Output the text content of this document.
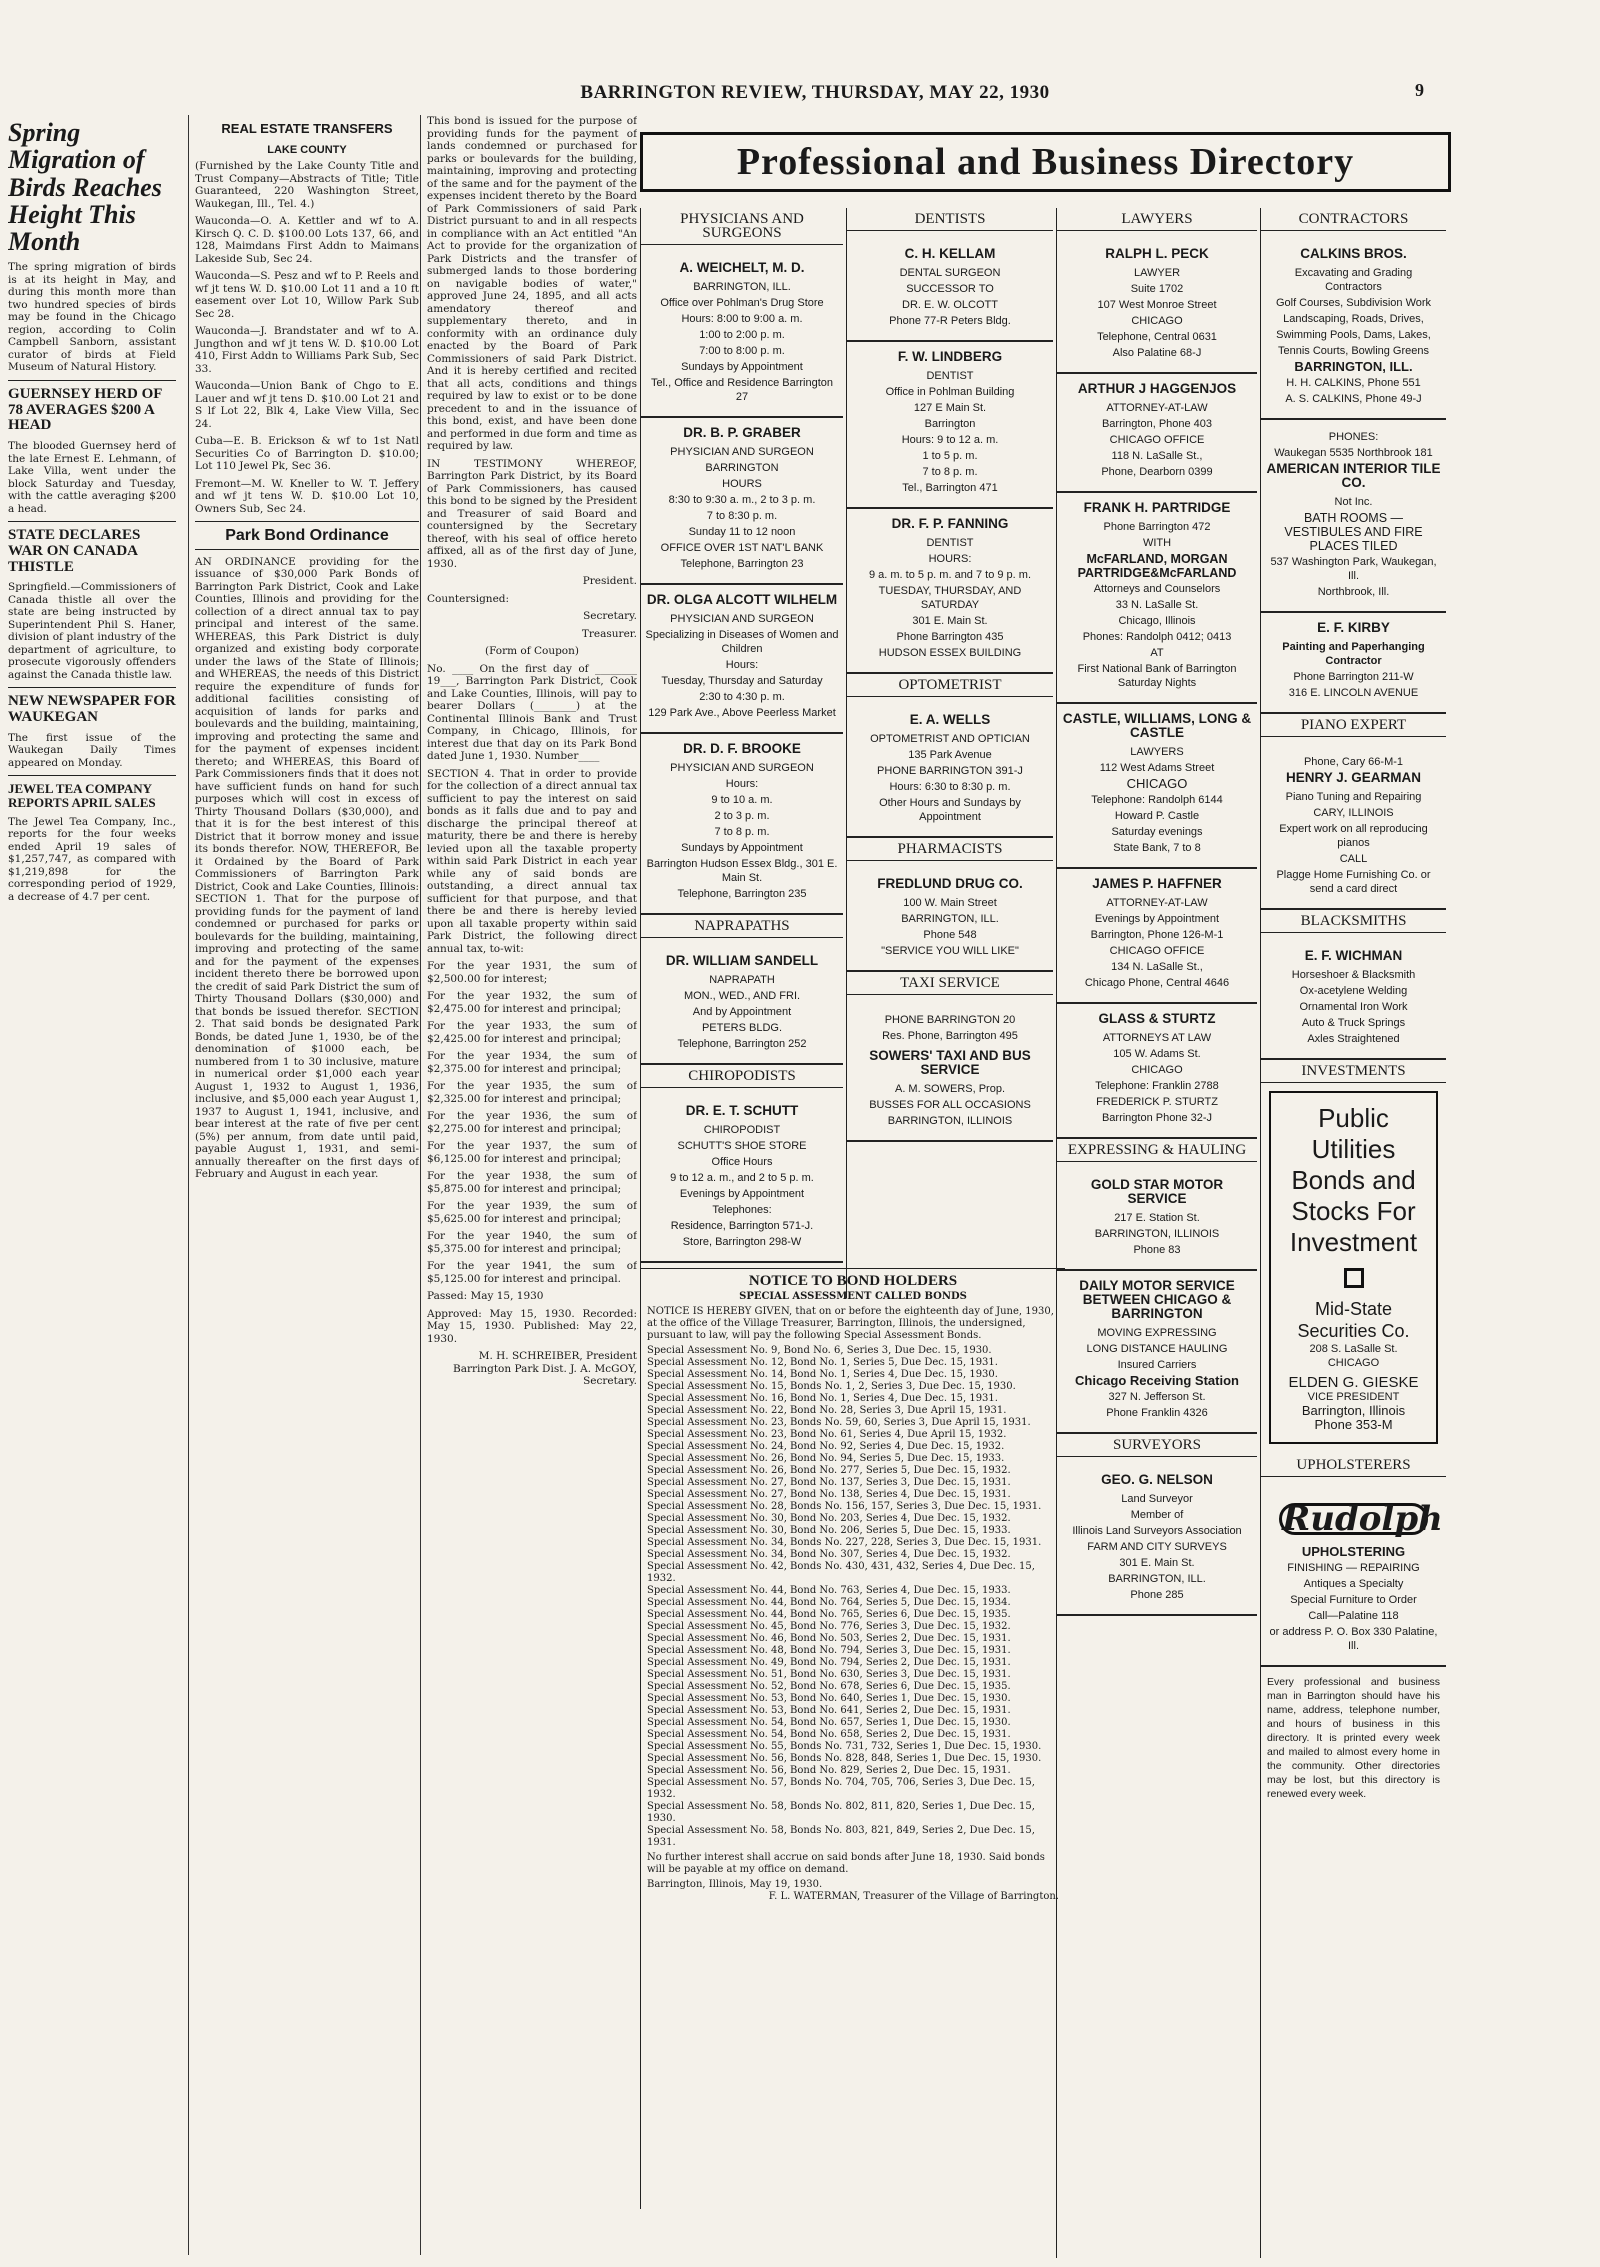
BARRINGTON REVIEW, THURSDAY, MAY 22, 1930	9
Spring Migration of Birds Reaches Height This Month

The spring migration of birds is at its height in May, and during this month more than two hundred species of birds may be found in the Chicago region, according to Colin Campbell Sanborn, assistant curator of birds at Field Museum of Natural History.

GUERNSEY HERD OF 78 AVERAGES $200 A HEAD

The blooded Guernsey herd of the late Ernest E. Lehmann, of Lake Villa, went under the block Saturday and Tuesday, with the cattle averaging $200 a head.

STATE DECLARES WAR ON CANADA THISTLE

Springfield.—Commissioners of Canada thistle all over the state are being instructed by Superintendent Phil S. Haner, division of plant industry of the department of agriculture, to prosecute vigorously offenders against the Canada thistle law.

NEW NEWSPAPER FOR WAUKEGAN

The first issue of the Waukegan Daily Times appeared on Monday.

JEWEL TEA COMPANY REPORTS APRIL SALES

The Jewel Tea Company, Inc., reports for the four weeks ended April 19 sales of $1,257,747, as compared with $1,219,898 for the corresponding period of 1929, a decrease of 4.7 per cent.

REAL ESTATE TRANSFERS
LAKE COUNTY

(Furnished by the Lake County Title and Trust Company—Abstracts of Title; Title Guaranteed, 220 Washington Street, Waukegan, Ill., Tel. 4.)

Wauconda—O. A. Kettler and wf to A. Kirsch Q. C. D. $100.00 Lots 137, 66, and 128, Maimdans First Addn to Maimans Lakeside Sub, Sec 24.

Wauconda—S. Pesz and wf to P. Reels and wf jt tens W. D. $10.00 Lot 11 and a 10 ft easement over Lot 10, Willow Park Sub Sec 28.

Wauconda—J. Brandstater and wf to A. Jungthon and wf jt tens W. D. $10.00 Lot 410, First Addn to Williams Park Sub, Sec 33.

Wauconda—Union Bank of Chgo to E. Lauer and wf jt tens D. $10.00 Lot 21 and S lf Lot 22, Blk 4, Lake View Villa, Sec 24.

Cuba—E. B. Erickson & wf to 1st Natl Securities Co of Barrington D. $10.00; Lot 110 Jewel Pk, Sec 36.

Fremont—M. W. Kneller to W. T. Jeffery and wf jt tens W. D. $10.00 Lot 10, Owners Sub, Sec 24.

Park Bond Ordinance

AN ORDINANCE providing for the issuance of $30,000 Park Bonds of Barrington Park District, Cook and Lake Counties, Illinois and providing for the collection of a direct annual tax to pay principal and interest of the same. WHEREAS, this Park District is duly organized and existing body corporate under the laws of the State of Illinois; and WHEREAS, the needs of this District require the expenditure of funds for additional facilities consisting of acquisition of lands for parks and boulevards and the building, maintaining, improving and protecting the same and for the payment of expenses incident thereto; and WHEREAS, this Board of Park Commissioners finds that it does not have sufficient funds on hand for such purposes which will cost in excess of Thirty Thousand Dollars ($30,000), and that it is for the best interest of this District that it borrow money and issue its bonds therefor. NOW, THEREFOR, Be it Ordained by the Board of Park Commissioners of Barrington Park District, Cook and Lake Counties, Illinois: SECTION 1. That for the purpose of providing funds for the payment of land condemned or purchased for parks or boulevards for the building, maintaining, improving and protecting of the same and for the payment of the expenses incident thereto there be borrowed upon the credit of said Park District the sum of Thirty Thousand Dollars ($30,000) and that bonds be issued therefor. SECTION 2. That said bonds be designated Park Bonds, be dated June 1, 1930, be of the denomination of $1000 each, be numbered from 1 to 30 inclusive, mature in numerical order $1,000 each year August 1, 1932 to August 1, 1936, inclusive, and $5,000 each year August 1, 1937 to August 1, 1941, inclusive, and bear interest at the rate of five per cent (5%) per annum, from date until paid, payable August 1, 1931, and semi-annually thereafter on the first days of February and August in each year.

This bond is issued for the purpose of providing funds for the payment of lands condemned or purchased for parks or boulevards for the building, maintaining, improving and protecting of the same and for the payment of the expenses incident thereto by the Board of Park Commissioners of said Park District pursuant to and in all respects in compliance with an Act entitled "An Act to provide for the organization of Park Districts and the transfer of submerged lands to those bordering on navigable bodies of water," approved June 24, 1895, and all acts amendatory thereof and supplementary thereto, and in conformity with an ordinance duly enacted by the Board of Park Commissioners of said Park District. And it is hereby certified and recited that all acts, conditions and things required by law to exist or to be done precedent to and in the issuance of this bond, exist, and have been done and performed in due form and time as required by law.

IN TESTIMONY WHEREOF, Barrington Park District, by its Board of Park Commissioners, has caused this bond to be signed by the President and Treasurer of said Board and countersigned by the Secretary thereof, with his seal of office hereto affixed, all as of the first day of June, 1930.

President.

Countersigned:

Secretary.

Treasurer.

(Form of Coupon)

No. ____ On the first day of ________ 19___, Barrington Park District, Cook and Lake Counties, Illinois, will pay to bearer Dollars (________) at the Continental Illinois Bank and Trust Company, in Chicago, Illinois, for interest due that day on its Park Bond dated June 1, 1930. Number____

SECTION 4. That in order to provide for the collection of a direct annual tax sufficient to pay the interest on said bonds as it falls due and to pay and discharge the principal thereof at maturity, there be and there is hereby levied upon all the taxable property within said Park District in each year while any of said bonds are outstanding, a direct annual tax sufficient for that purpose, and that there be and there is hereby levied upon all taxable property within said Park District, the following direct annual tax, to-wit:

For the year 1931, the sum of $2,500.00 for interest;

For the year 1932, the sum of $2,475.00 for interest and principal;

For the year 1933, the sum of $2,425.00 for interest and principal;

For the year 1934, the sum of $2,375.00 for interest and principal;

For the year 1935, the sum of $2,325.00 for interest and principal;

For the year 1936, the sum of $2,275.00 for interest and principal;

For the year 1937, the sum of $6,125.00 for interest and principal;

For the year 1938, the sum of $5,875.00 for interest and principal;

For the year 1939, the sum of $5,625.00 for interest and principal;

For the year 1940, the sum of $5,375.00 for interest and principal;

For the year 1941, the sum of $5,125.00 for interest and principal.

Passed: May 15, 1930

Approved: May 15, 1930. Recorded: May 15, 1930. Published: May 22, 1930.

M. H. SCHREIBER, President Barrington Park Dist. J. A. McGOY, Secretary.

Professional and Business Directory
PHYSICIANS AND SURGEONS
A. WEICHELT, M. D.
BARRINGTON, ILL.
Office over Pohlman's Drug Store
Hours: 8:00 to 9:00 a. m.
1:00 to 2:00 p. m.
7:00 to 8:00 p. m.
Sundays by Appointment
Tel., Office and Residence Barrington 27
DR. B. P. GRABER
PHYSICIAN AND SURGEON
BARRINGTON
HOURS
8:30 to 9:30 a. m., 2 to 3 p. m.
7 to 8:30 p. m.
Sunday 11 to 12 noon
OFFICE OVER 1ST NAT'L BANK
Telephone, Barrington 23
DR. OLGA ALCOTT WILHELM
PHYSICIAN AND SURGEON
Specializing in Diseases of Women and Children
Hours:
Tuesday, Thursday and Saturday
2:30 to 4:30 p. m.
129 Park Ave., Above Peerless Market
DR. D. F. BROOKE
PHYSICIAN AND SURGEON
Hours:
9 to 10 a. m.
2 to 3 p. m.
7 to 8 p. m.
Sundays by Appointment
Barrington Hudson Essex Bldg., 301 E. Main St.
Telephone, Barrington 235
NAPRAPATHS
DR. WILLIAM SANDELL
NAPRAPATH
MON., WED., AND FRI.
And by Appointment
PETERS BLDG.
Telephone, Barrington 252
CHIROPODISTS
DR. E. T. SCHUTT
CHIROPODIST
SCHUTT'S SHOE STORE
Office Hours
9 to 12 a. m., and 2 to 5 p. m.
Evenings by Appointment
Telephones:
Residence, Barrington 571-J.
Store, Barrington 298-W
DENTISTS
C. H. KELLAM
DENTAL SURGEON
SUCCESSOR TO
DR. E. W. OLCOTT
Phone 77-R Peters Bldg.
F. W. LINDBERG
DENTIST
Office in Pohlman Building
127 E Main St.
Barrington
Hours: 9 to 12 a. m.
1 to 5 p. m.
7 to 8 p. m.
Tel., Barrington 471
DR. F. P. FANNING
DENTIST
HOURS:
9 a. m. to 5 p. m. and 7 to 9 p. m.
TUESDAY, THURSDAY, AND SATURDAY
301 E. Main St.
Phone Barrington 435
HUDSON ESSEX BUILDING
OPTOMETRIST
E. A. WELLS
OPTOMETRIST AND OPTICIAN
135 Park Avenue
PHONE BARRINGTON 391-J
Hours: 6:30 to 8:30 p. m.
Other Hours and Sundays by Appointment
PHARMACISTS
FREDLUND DRUG CO.
100 W. Main Street
BARRINGTON, ILL.
Phone 548
"SERVICE YOU WILL LIKE"
TAXI SERVICE
PHONE BARRINGTON 20
Res. Phone, Barrington 495
SOWERS' TAXI AND BUS SERVICE
A. M. SOWERS, Prop.
BUSSES FOR ALL OCCASIONS
BARRINGTON, ILLINOIS
LAWYERS
RALPH L. PECK
LAWYER
Suite 1702
107 West Monroe Street
CHICAGO
Telephone, Central 0631
Also Palatine 68-J
ARTHUR J HAGGENJOS
ATTORNEY-AT-LAW
Barrington, Phone 403
CHICAGO OFFICE
118 N. LaSalle St.,
Phone, Dearborn 0399
FRANK H. PARTRIDGE
Phone Barrington 472
WITH
McFARLAND, MORGAN PARTRIDGE&McFARLAND
Attorneys and Counselors
33 N. LaSalle St.
Chicago, Illinois
Phones: Randolph 0412; 0413
AT
First National Bank of Barrington Saturday Nights
CASTLE, WILLIAMS, LONG & CASTLE
LAWYERS
112 West Adams Street
CHICAGO
Telephone: Randolph 6144
Howard P. Castle
Saturday evenings
State Bank, 7 to 8
JAMES P. HAFFNER
ATTORNEY-AT-LAW
Evenings by Appointment
Barrington, Phone 126-M-1
CHICAGO OFFICE
134 N. LaSalle St.,
Chicago Phone, Central 4646
GLASS & STURTZ
ATTORNEYS AT LAW
105 W. Adams St.
CHICAGO
Telephone: Franklin 2788
FREDERICK P. STURTZ
Barrington Phone 32-J
EXPRESSING & HAULING
GOLD STAR MOTOR SERVICE
217 E. Station St.
BARRINGTON, ILLINOIS
Phone 83
DAILY MOTOR SERVICE BETWEEN CHICAGO & BARRINGTON
MOVING EXPRESSING
LONG DISTANCE HAULING
Insured Carriers
Chicago Receiving Station
327 N. Jefferson St.
Phone Franklin 4326
SURVEYORS
GEO. G. NELSON
Land Surveyor
Member of
Illinois Land Surveyors Association
FARM AND CITY SURVEYS
301 E. Main St.
BARRINGTON, ILL.
Phone 285
CONTRACTORS
CALKINS BROS.
Excavating and Grading Contractors
Golf Courses, Subdivision Work
Landscaping, Roads, Drives,
Swimming Pools, Dams, Lakes,
Tennis Courts, Bowling Greens
BARRINGTON, ILL.
H. H. CALKINS, Phone 551
A. S. CALKINS, Phone 49-J
PHONES:
Waukegan 5535 Northbrook 181
AMERICAN INTERIOR TILE CO.
Not Inc.
BATH ROOMS — VESTIBULES AND FIRE PLACES TILED
537 Washington Park, Waukegan, Ill.
Northbrook, Ill.
E. F. KIRBY
Painting and Paperhanging Contractor
Phone Barrington 211-W
316 E. LINCOLN AVENUE
PIANO EXPERT
Phone, Cary 66-M-1
HENRY J. GEARMAN
Piano Tuning and Repairing
CARY, ILLINOIS
Expert work on all reproducing pianos
CALL
Plagge Home Furnishing Co. or send a card direct
BLACKSMITHS
E. F. WICHMAN
Horseshoer & Blacksmith
Ox-acetylene Welding
Ornamental Iron Work
Auto & Truck Springs
Axles Straightened
INVESTMENTS
Public Utilities Bonds and Stocks For Investment
Mid-State Securities Co.
208 S. LaSalle St.
CHICAGO
ELDEN G. GIESKE
VICE PRESIDENT
Barrington, Illinois
Phone 353-M
UPHOLSTERERS
Rudolph
UPHOLSTERING
FINISHING — REPAIRING
Antiques a Specialty
Special Furniture to Order
Call—Palatine 118
or address P. O. Box 330 Palatine, Ill.

Every professional and business man in Barrington should have his name, address, telephone number, and hours of business in this directory. It is printed every week and mailed to almost every home in the community. Other directories may be lost, but this directory is renewed every week.

NOTICE TO BOND HOLDERS
SPECIAL ASSESSMENT CALLED BONDS

NOTICE IS HEREBY GIVEN, that on or before the eighteenth day of June, 1930, at the office of the Village Treasurer, Barrington, Illinois, the undersigned, pursuant to law, will pay the following Special Assessment Bonds.

Special Assessment No. 9, Bond No. 6, Series 3, Due Dec. 15, 1930.
Special Assessment No. 12, Bond No. 1, Series 5, Due Dec. 15, 1931.
Special Assessment No. 14, Bond No. 1, Series 4, Due Dec. 15, 1930.
Special Assessment No. 15, Bonds No. 1, 2, Series 3, Due Dec. 15, 1930.
Special Assessment No. 16, Bond No. 1, Series 4, Due Dec. 15, 1931.
Special Assessment No. 22, Bond No. 28, Series 3, Due April 15, 1931.
Special Assessment No. 23, Bonds No. 59, 60, Series 3, Due April 15, 1931.
Special Assessment No. 23, Bond No. 61, Series 4, Due April 15, 1932.
Special Assessment No. 24, Bond No. 92, Series 4, Due Dec. 15, 1932.
Special Assessment No. 26, Bond No. 94, Series 5, Due Dec. 15, 1933.
Special Assessment No. 26, Bond No. 277, Series 5, Due Dec. 15, 1932.
Special Assessment No. 27, Bond No. 137, Series 3, Due Dec. 15, 1931.
Special Assessment No. 27, Bond No. 138, Series 4, Due Dec. 15, 1931.
Special Assessment No. 28, Bonds No. 156, 157, Series 3, Due Dec. 15, 1931.
Special Assessment No. 30, Bond No. 203, Series 4, Due Dec. 15, 1932.
Special Assessment No. 30, Bond No. 206, Series 5, Due Dec. 15, 1933.
Special Assessment No. 34, Bonds No. 227, 228, Series 3, Due Dec. 15, 1931.
Special Assessment No. 34, Bond No. 307, Series 4, Due Dec. 15, 1932.
Special Assessment No. 42, Bonds No. 430, 431, 432, Series 4, Due Dec. 15, 1932.
Special Assessment No. 44, Bond No. 763, Series 4, Due Dec. 15, 1933.
Special Assessment No. 44, Bond No. 764, Series 5, Due Dec. 15, 1934.
Special Assessment No. 44, Bond No. 765, Series 6, Due Dec. 15, 1935.
Special Assessment No. 45, Bond No. 776, Series 3, Due Dec. 15, 1932.
Special Assessment No. 46, Bond No. 503, Series 2, Due Dec. 15, 1931.
Special Assessment No. 48, Bond No. 794, Series 3, Due Dec. 15, 1931.
Special Assessment No. 49, Bond No. 794, Series 2, Due Dec. 15, 1931.
Special Assessment No. 51, Bond No. 630, Series 3, Due Dec. 15, 1931.
Special Assessment No. 52, Bond No. 678, Series 6, Due Dec. 15, 1935.
Special Assessment No. 53, Bond No. 640, Series 1, Due Dec. 15, 1930.
Special Assessment No. 53, Bond No. 641, Series 2, Due Dec. 15, 1931.
Special Assessment No. 54, Bond No. 657, Series 1, Due Dec. 15, 1930.
Special Assessment No. 54, Bond No. 658, Series 2, Due Dec. 15, 1931.
Special Assessment No. 55, Bonds No. 731, 732, Series 1, Due Dec. 15, 1930.
Special Assessment No. 56, Bonds No. 828, 848, Series 1, Due Dec. 15, 1930.
Special Assessment No. 56, Bond No. 829, Series 2, Due Dec. 15, 1931.
Special Assessment No. 57, Bonds No. 704, 705, 706, Series 3, Due Dec. 15, 1932.
Special Assessment No. 58, Bonds No. 802, 811, 820, Series 1, Due Dec. 15, 1930.
Special Assessment No. 58, Bonds No. 803, 821, 849, Series 2, Due Dec. 15, 1931.

No further interest shall accrue on said bonds after June 18, 1930. Said bonds will be payable at my office on demand.

Barrington, Illinois, May 19, 1930.
F. L. WATERMAN, Treasurer of the Village of Barrington.
